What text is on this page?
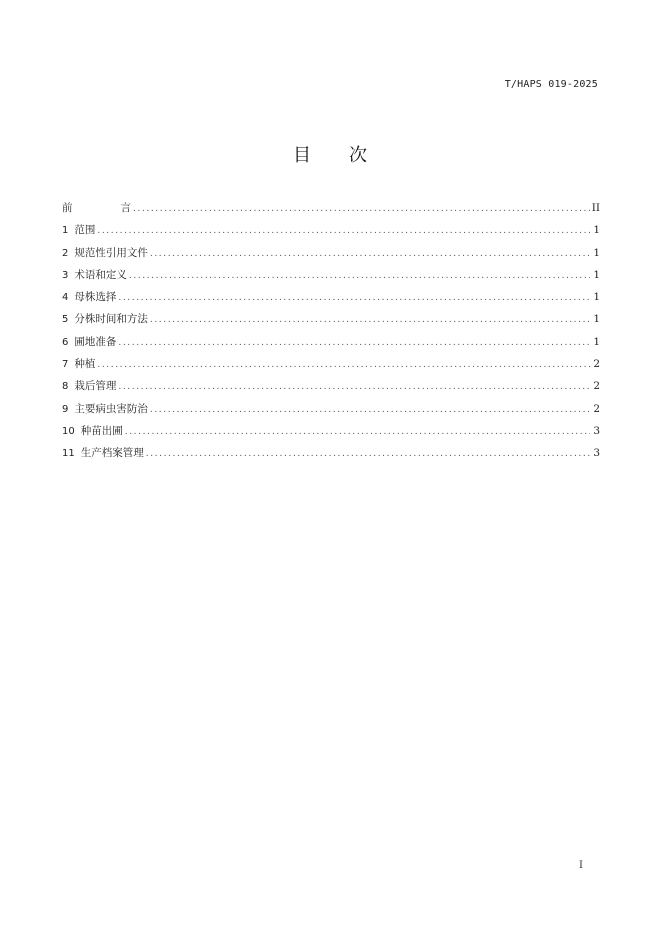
T/HAPS 019-2025
目 次
前	言 .....	II
1 范围 .....	1
2 规范性引用文件 .....	1
3 术语和定义 .....	1
4 母株选择 .....	1
5 分株时间和方法 .....	1
6 圃地准备 .....	1
7 种植 .....	2
8 栽后管理 .....	2
9 主要病虫害防治 .....	2
10 种苗出圃 .....	3
11 生产档案管理 .....	3
I
